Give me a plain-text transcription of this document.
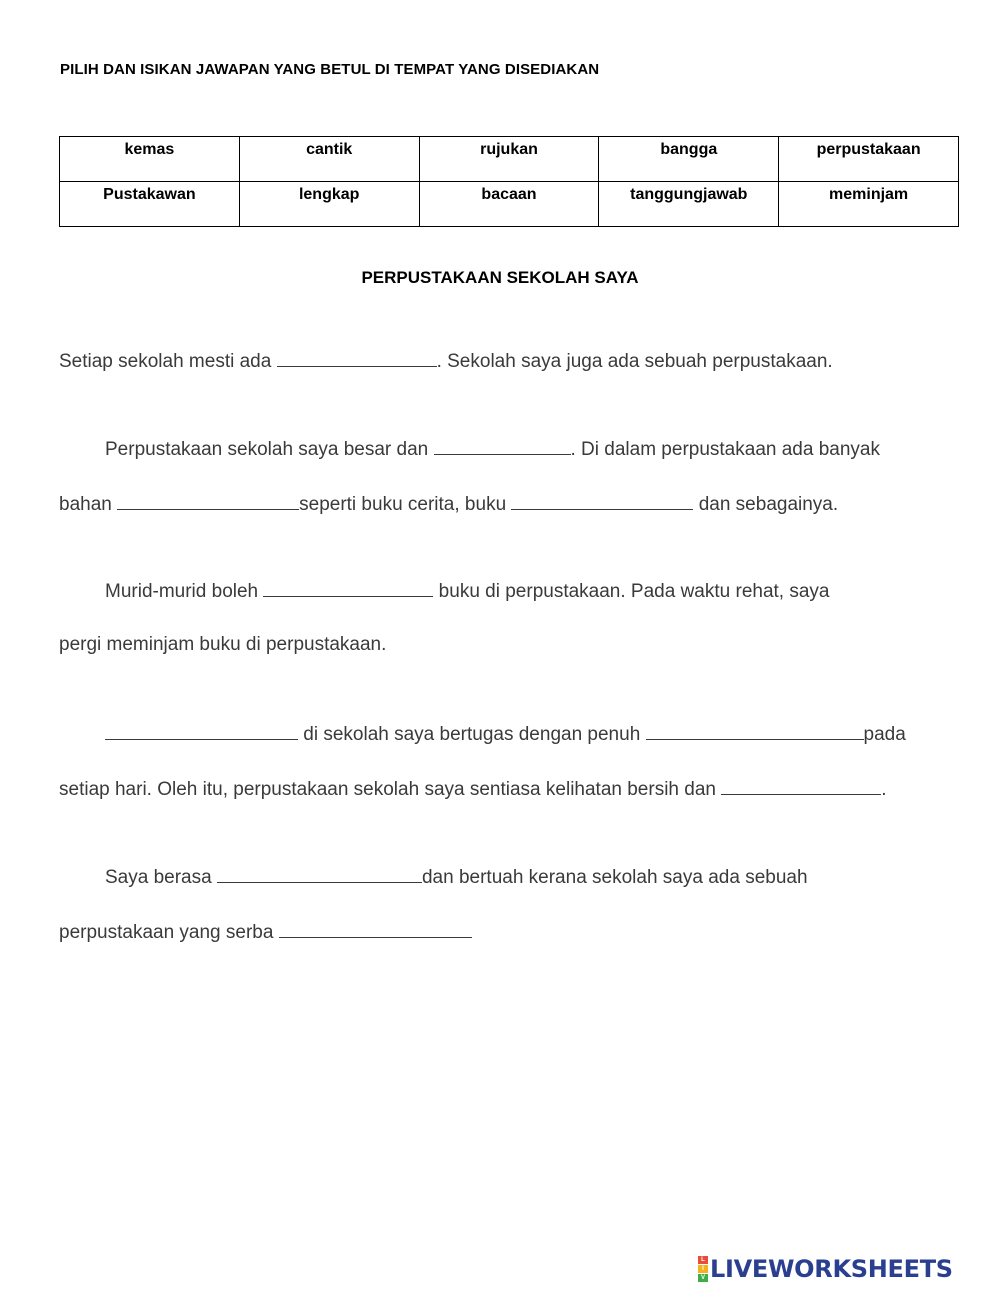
PILIH DAN ISIKAN JAWAPAN YANG BETUL DI TEMPAT YANG DISEDIAKAN
kemas	cantik	rujukan	bangga	perpustakaan
Pustakawan	lengkap	bacaan	tanggungjawab	meminjam
PERPUSTAKAAN SEKOLAH SAYA
Setiap sekolah mesti ada	. Sekolah saya juga ada sebuah perpustakaan.
Perpustakaan sekolah saya besar dan	. Di dalam perpustakaan ada banyak
bahan	seperti buku cerita, buku	dan sebagainya.
Murid-murid boleh	buku di perpustakaan. Pada waktu rehat, saya
pergi meminjam buku di perpustakaan.
di sekolah saya bertugas dengan penuh	pada
setiap hari. Oleh itu, perpustakaan sekolah saya sentiasa kelihatan bersih dan	.
Saya berasa	dan bertuah kerana sekolah saya ada sebuah
perpustakaan yang serba
L
I
V LIVEWORKSHEETS
